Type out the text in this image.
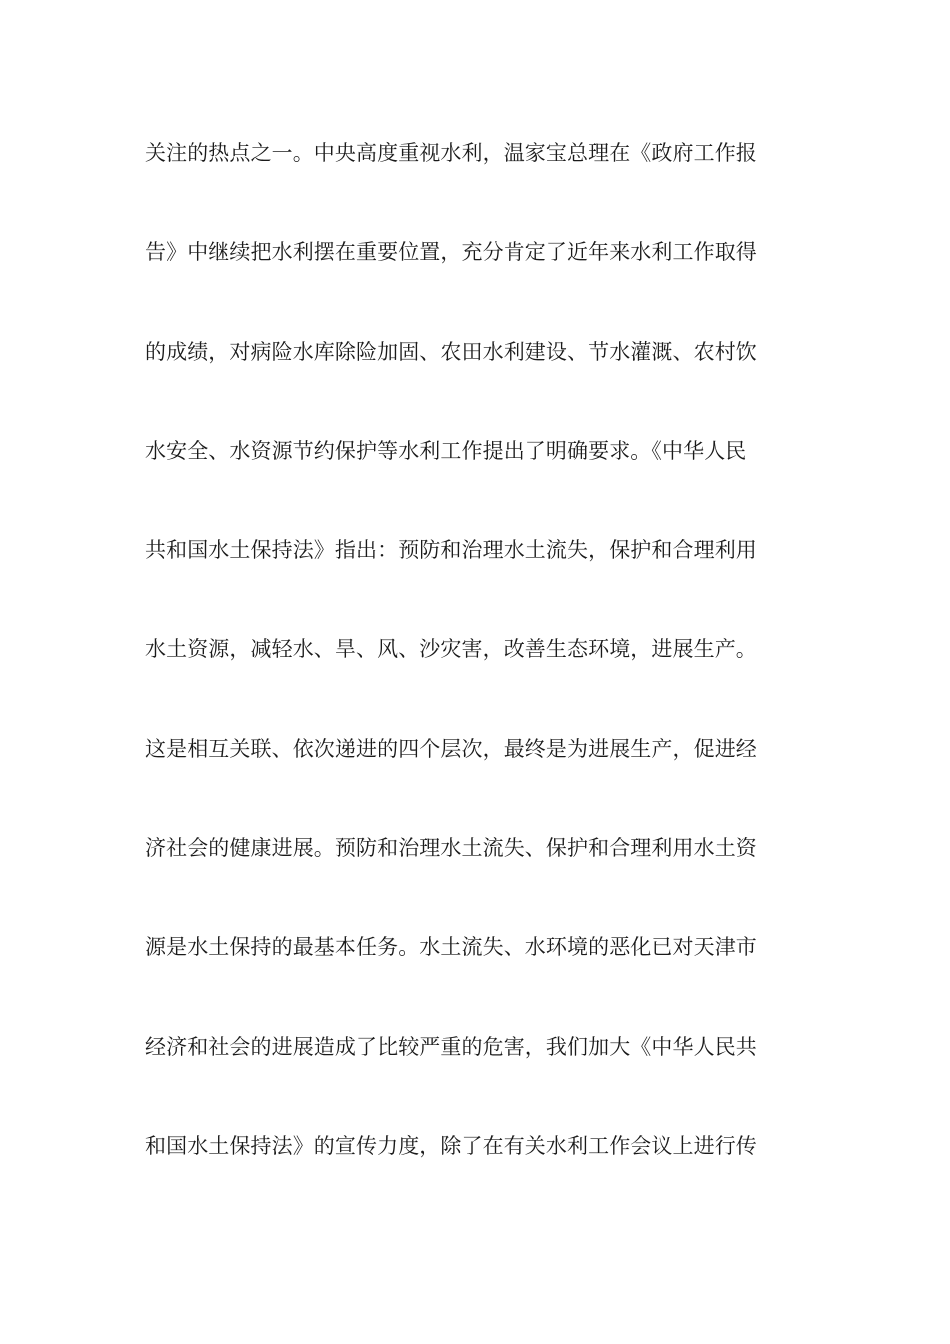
关注的热点之一。中央高度重视水利，温家宝总理在《政府工作报
告》中继续把水利摆在重要位置，充分肯定了近年来水利工作取得
的成绩，对病险水库除险加固、农田水利建设、节水灌溉、农村饮
水安全、水资源节约保护等水利工作提出了明确要求。《中华人民
共和国水土保持法》指出：预防和治理水土流失，保护和合理利用
水土资源，减轻水、旱、风、沙灾害，改善生态环境，进展生产。
这是相互关联、依次递进的四个层次，最终是为进展生产，促进经
济社会的健康进展。预防和治理水土流失、保护和合理利用水土资
源是水土保持的最基本任务。水土流失、水环境的恶化已对天津市
经济和社会的进展造成了比较严重的危害，我们加大《中华人民共
和国水土保持法》的宣传力度，除了在有关水利工作会议上进行传
